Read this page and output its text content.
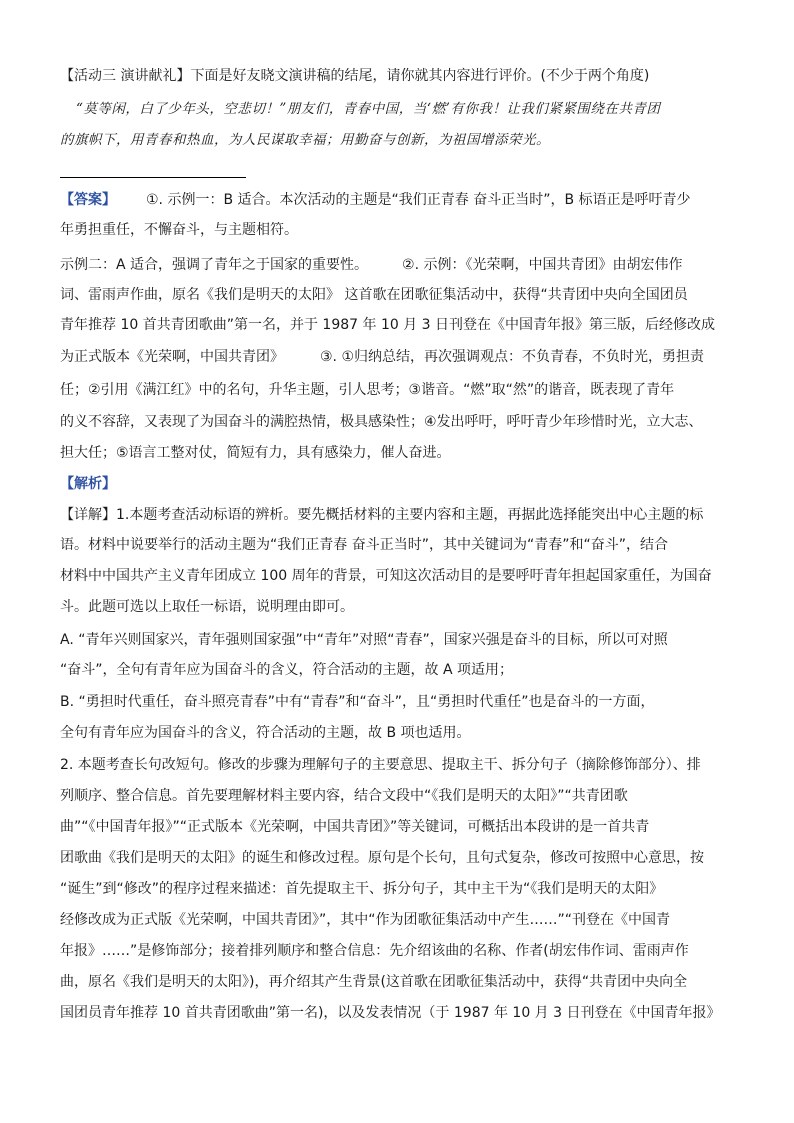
【活动三 演讲献礼】下面是好友晓文演讲稿的结尾，请你就其内容进行评价。(不少于两个角度)
“莫等闲，白了少年头，空悲切！”朋友们，青春中国，当‘燃’有你我！让我们紧紧围绕在共青团
的旗帜下，用青春和热血，为人民谋取幸福；用勤奋与创新，为祖国增添荣光。
【答案】 ①. 示例一：B 适合。本次活动的主题是“我们正青春 奋斗正当时”，B 标语正是呼吁青少
年勇担重任，不懈奋斗，与主题相符。
示例二：A 适合，强调了青年之于国家的重要性。 ②. 示例：《光荣啊，中国共青团》由胡宏伟作
词、雷雨声作曲，原名《我们是明天的太阳》 这首歌在团歌征集活动中，获得“共青团中央向全国团员
青年推荐 10 首共青团歌曲”第一名，并于 1987 年 10 月 3 日刊登在《中国青年报》第三版，后经修改成
为正式版本《光荣啊，中国共青团》	③. ①归纳总结，再次强调观点：不负青春，不负时光，勇担责
任；②引用《满江红》中的名句，升华主题，引人思考；③谐音。“燃”取“然”的谐音，既表现了青年
的义不容辞，又表现了为国奋斗的满腔热情，极具感染性；④发出呼吁，呼吁青少年珍惜时光，立大志、
担大任；⑤语言工整对仗，简短有力，具有感染力，催人奋进。
【解析】
【详解】1.本题考查活动标语的辨析。要先概括材料的主要内容和主题，再据此选择能突出中心主题的标
语。材料中说要举行的活动主题为“我们正青春 奋斗正当时”，其中关键词为“青春”和“奋斗”，结合
材料中中国共产主义青年团成立 100 周年的背景，可知这次活动目的是要呼吁青年担起国家重任，为国奋
斗。此题可选以上取任一标语，说明理由即可。
A. “青年兴则国家兴，青年强则国家强”中“青年”对照“青春”，国家兴强是奋斗的目标，所以可对照
“奋斗”，全句有青年应为国奋斗的含义，符合活动的主题，故 A 项适用；
B. “勇担时代重任，奋斗照亮青春”中有“青春”和“奋斗”，且“勇担时代重任”也是奋斗的一方面，
全句有青年应为国奋斗的含义，符合活动的主题，故 B 项也适用。
2. 本题考查长句改短句。修改的步骤为理解句子的主要意思、提取主干、拆分句子（摘除修饰部分）、排
列顺序、整合信息。首先要理解材料主要内容，结合文段中“《我们是明天的太阳》”“共青团歌
曲”“《中国青年报》”“正式版本《光荣啊，中国共青团》”等关键词，可概括出本段讲的是一首共青
团歌曲《我们是明天的太阳》的诞生和修改过程。原句是个长句，且句式复杂，修改可按照中心意思，按
“诞生”到“修改”的程序过程来描述：首先提取主干、拆分句子，其中主干为“《我们是明天的太阳》
经修改成为正式版《光荣啊，中国共青团》”，其中“作为团歌征集活动中产生……”“刊登在《中国青
年报》……”是修饰部分；接着排列顺序和整合信息：先介绍该曲的名称、作者(胡宏伟作词、雷雨声作
曲，原名《我们是明天的太阳》)，再介绍其产生背景(这首歌在团歌征集活动中，获得“共青团中央向全
国团员青年推荐 10 首共青团歌曲”第一名)，以及发表情况（于 1987 年 10 月 3 日刊登在《中国青年报》
